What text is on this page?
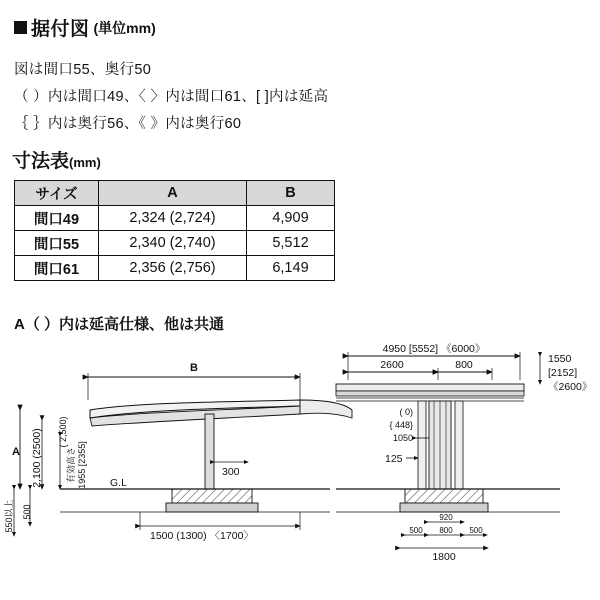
据付図 (単位mm)
図は間口55、奥行50
（ ）内は間口49、〈 〉内は間口61、[ ]内は延高
｛ ｝内は奥行56、《 》内は奥行60
寸法表(mm)
サイズ	A	B
間口49	2,324 (2,724)	4,909
間口55	2,340 (2,740)	5,512
間口61	2,356 (2,756)	6,149
A（ ）内は延高仕様、他は共通
B
G.L
A 2,100 (2500) ( 2,500)
有効高さ 1955 [2355]	300
550以上 500
1500 (1300) 〈1700〉
4950 [5552] 《6000》
2600	800	1550
[2152]
《2600》
( 0)
{ 448}
1050
125
920
500 800 500
1800
